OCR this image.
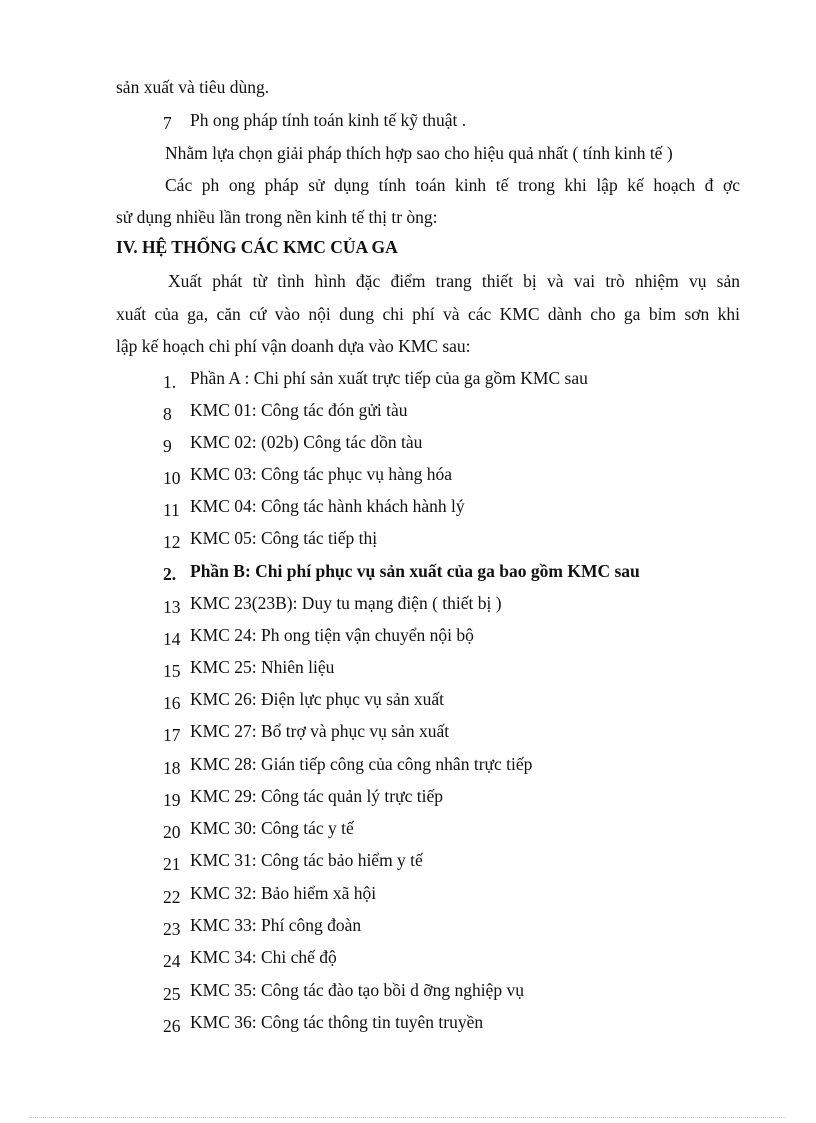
sản xuất và tiêu dùng.
7 Ph ong pháp tính toán kinh tế kỹ thuật .
Nhằm lựa chọn giải pháp thích hợp sao cho hiệu quả nhất ( tính kinh tế )
Các ph ong pháp sử dụng tính toán kinh tế trong khi lập kế hoạch đ ợc
sử dụng nhiều lần trong nền kinh tế thị tr òng:
IV. HỆ THỐNG CÁC KMC CỦA GA
Xuất phát từ tình hình đặc điểm trang thiết bị và vai trò nhiệm vụ sản
xuất của ga, căn cứ vào nội dung chi phí và các KMC dành cho ga bỉm sơn khi
lập kế hoạch chi phí vận doanh dựa vào KMC sau:
1. Phần A : Chi phí sản xuất trực tiếp của ga gồm KMC sau
8 KMC 01: Công tác đón gửi tàu
9 KMC 02: (02b) Công tác dồn tàu
10 KMC 03: Công tác phục vụ hàng hóa
11 KMC 04: Công tác hành khách hành lý
12 KMC 05: Công tác tiếp thị
2. Phần B: Chi phí phục vụ sản xuất của ga bao gồm KMC sau
13 KMC 23(23B): Duy tu mạng điện ( thiết bị )
14 KMC 24: Ph ong tiện vận chuyển nội bộ
15 KMC 25: Nhiên liệu
16 KMC 26: Điện lực phục vụ sản xuất
17 KMC 27: Bổ trợ và phục vụ sản xuất
18 KMC 28: Gián tiếp công của công nhân trực tiếp
19 KMC 29: Công tác quản lý trực tiếp
20 KMC 30: Công tác y tế
21 KMC 31: Công tác bảo hiểm y tế
22 KMC 32: Bảo hiểm xã hội
23 KMC 33: Phí công đoàn
24 KMC 34: Chi chế độ
25 KMC 35: Công tác đào tạo bồi d ỡng nghiệp vụ
26 KMC 36: Công tác thông tin tuyên truyền
